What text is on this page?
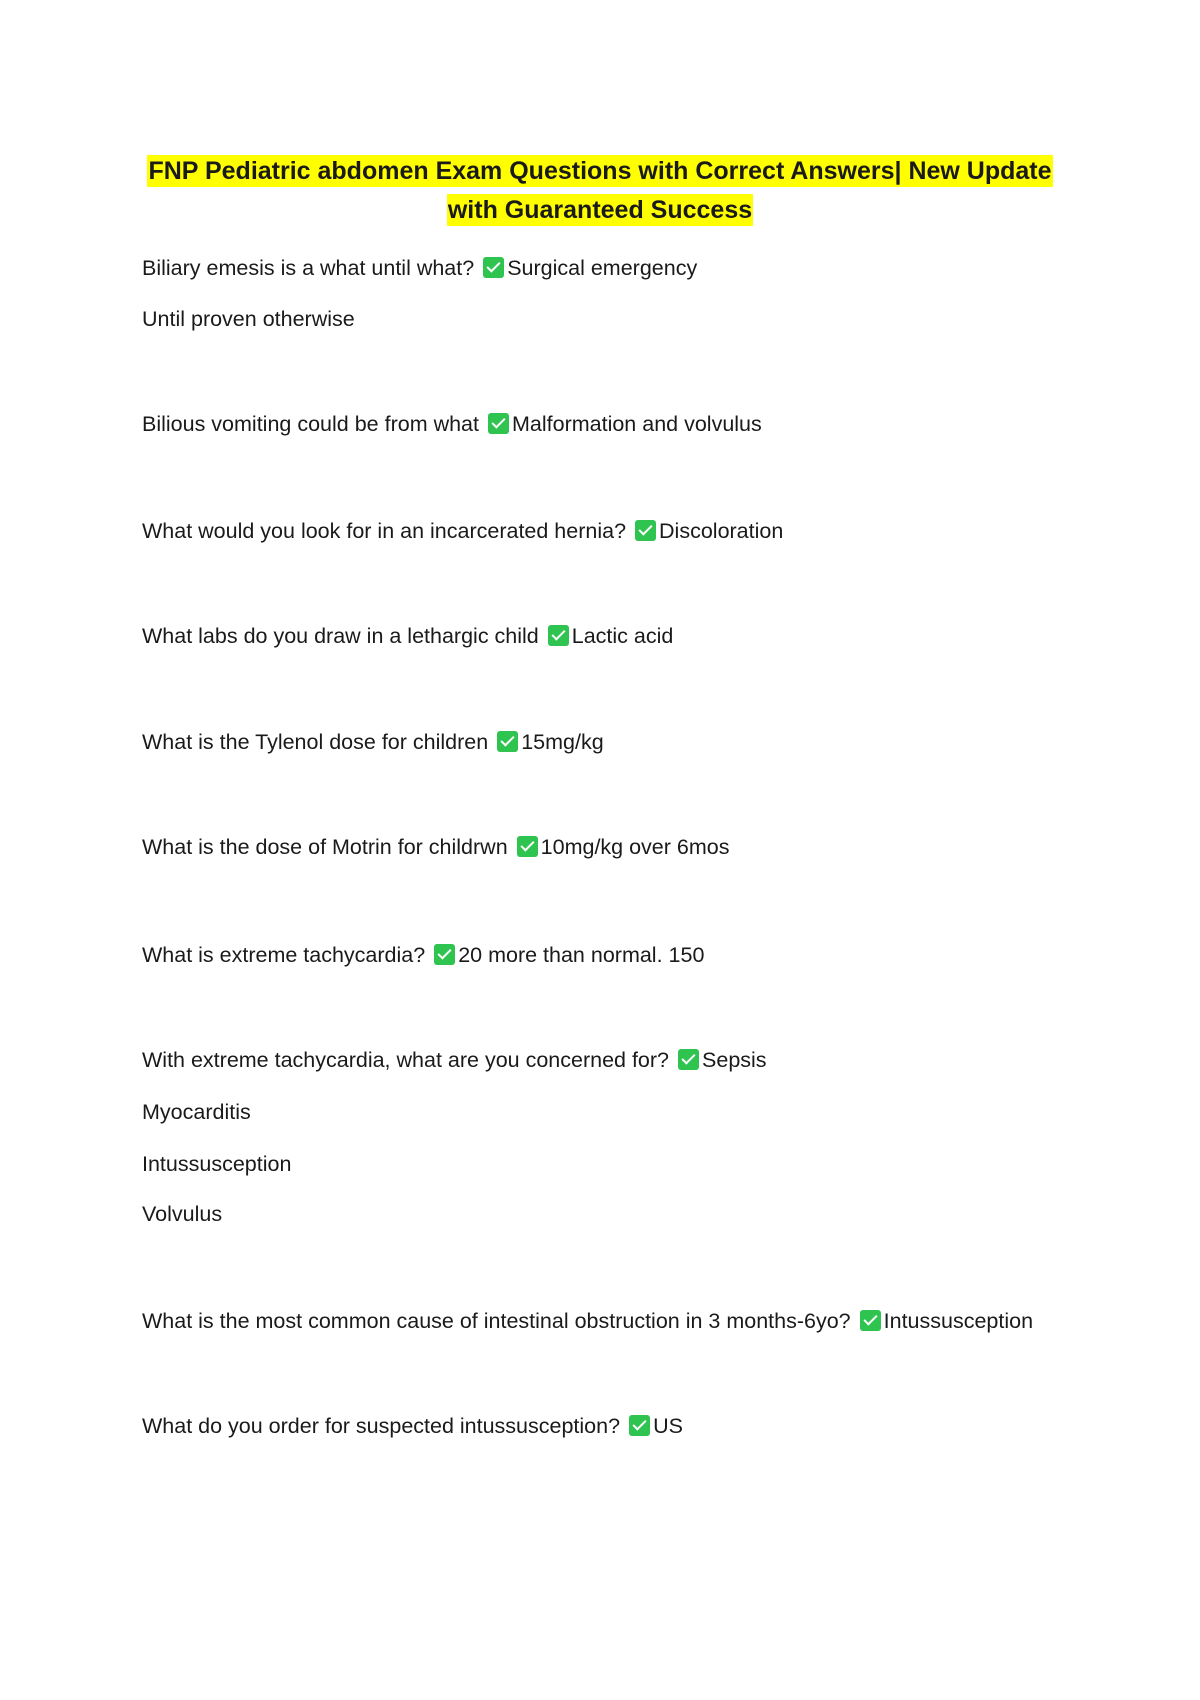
FNP Pediatric abdomen Exam Questions with Correct Answers| New Update
with Guaranteed Success
Biliary emesis is a what until what? Surgical emergency
Until proven otherwise
Bilious vomiting could be from what Malformation and volvulus
What would you look for in an incarcerated hernia? Discoloration
What labs do you draw in a lethargic child Lactic acid
What is the Tylenol dose for children 15mg/kg
What is the dose of Motrin for childrwn 10mg/kg over 6mos
What is extreme tachycardia? 20 more than normal. 150
With extreme tachycardia, what are you concerned for? Sepsis
Myocarditis
Intussusception
Volvulus
What is the most common cause of intestinal obstruction in 3 months-6yo? Intussusception
What do you order for suspected intussusception? US
